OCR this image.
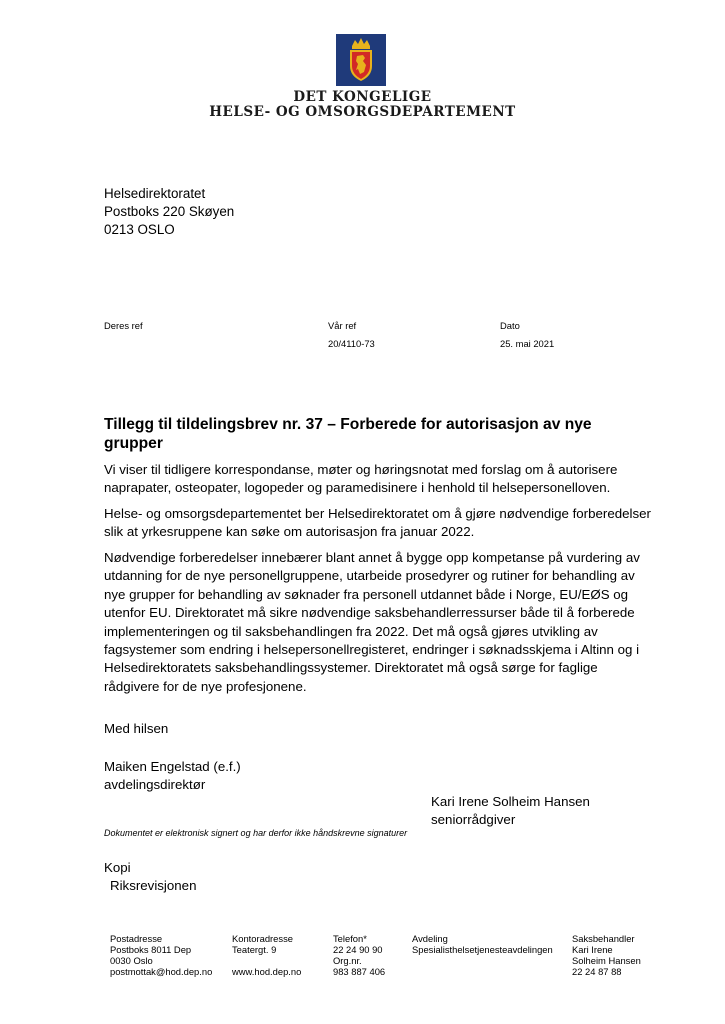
DET KONGELIGE
HELSE- OG OMSORGSDEPARTEMENT
Helsedirektoratet
Postboks 220 Skøyen
0213 OSLO
Deres ref	Vår ref
20/4110-73
Dato
25. mai 2021
Tillegg til tildelingsbrev nr. 37 – Forberede for autorisasjon av nye grupper
Vi viser til tidligere korrespondanse, møter og høringsnotat med forslag om å autorisere naprapater, osteopater, logopeder og paramedisinere i henhold til helsepersonelloven.
Helse- og omsorgsdepartementet ber Helsedirektoratet om å gjøre nødvendige forberedelser slik at yrkesruppene kan søke om autorisasjon fra januar 2022.
Nødvendige forberedelser innebærer blant annet å bygge opp kompetanse på vurdering av utdanning for de nye personellgruppene, utarbeide prosedyrer og rutiner for behandling av nye grupper for behandling av søknader fra personell utdannet både i Norge, EU/EØS og utenfor EU. Direktoratet må sikre nødvendige saksbehandlerressurser både til å forberede implementeringen og til saksbehandlingen fra 2022. Det må også gjøres utvikling av fagsystemer som endring i helsepersonellregisteret, endringer i søknadsskjema i Altinn og i Helsedirektoratets saksbehandlingssystemer. Direktoratet må også sørge for faglige rådgivere for de nye profesjonene.
Med hilsen
Maiken Engelstad (e.f.)
avdelingsdirektør
Kari Irene Solheim Hansen
seniorrådgiver
Dokumentet er elektronisk signert og har derfor ikke håndskrevne signaturer
Kopi
Riksrevisjonen
Postadresse
Postboks 8011 Dep
0030 Oslo
postmottak@hod.dep.no
Kontoradresse
Teatergt. 9
www.hod.dep.no
Telefon*
22 24 90 90
Org.nr.
983 887 406
Avdeling
Spesialisthelsetjenesteavdelingen
Saksbehandler
Kari Irene
Solheim Hansen
22 24 87 88
